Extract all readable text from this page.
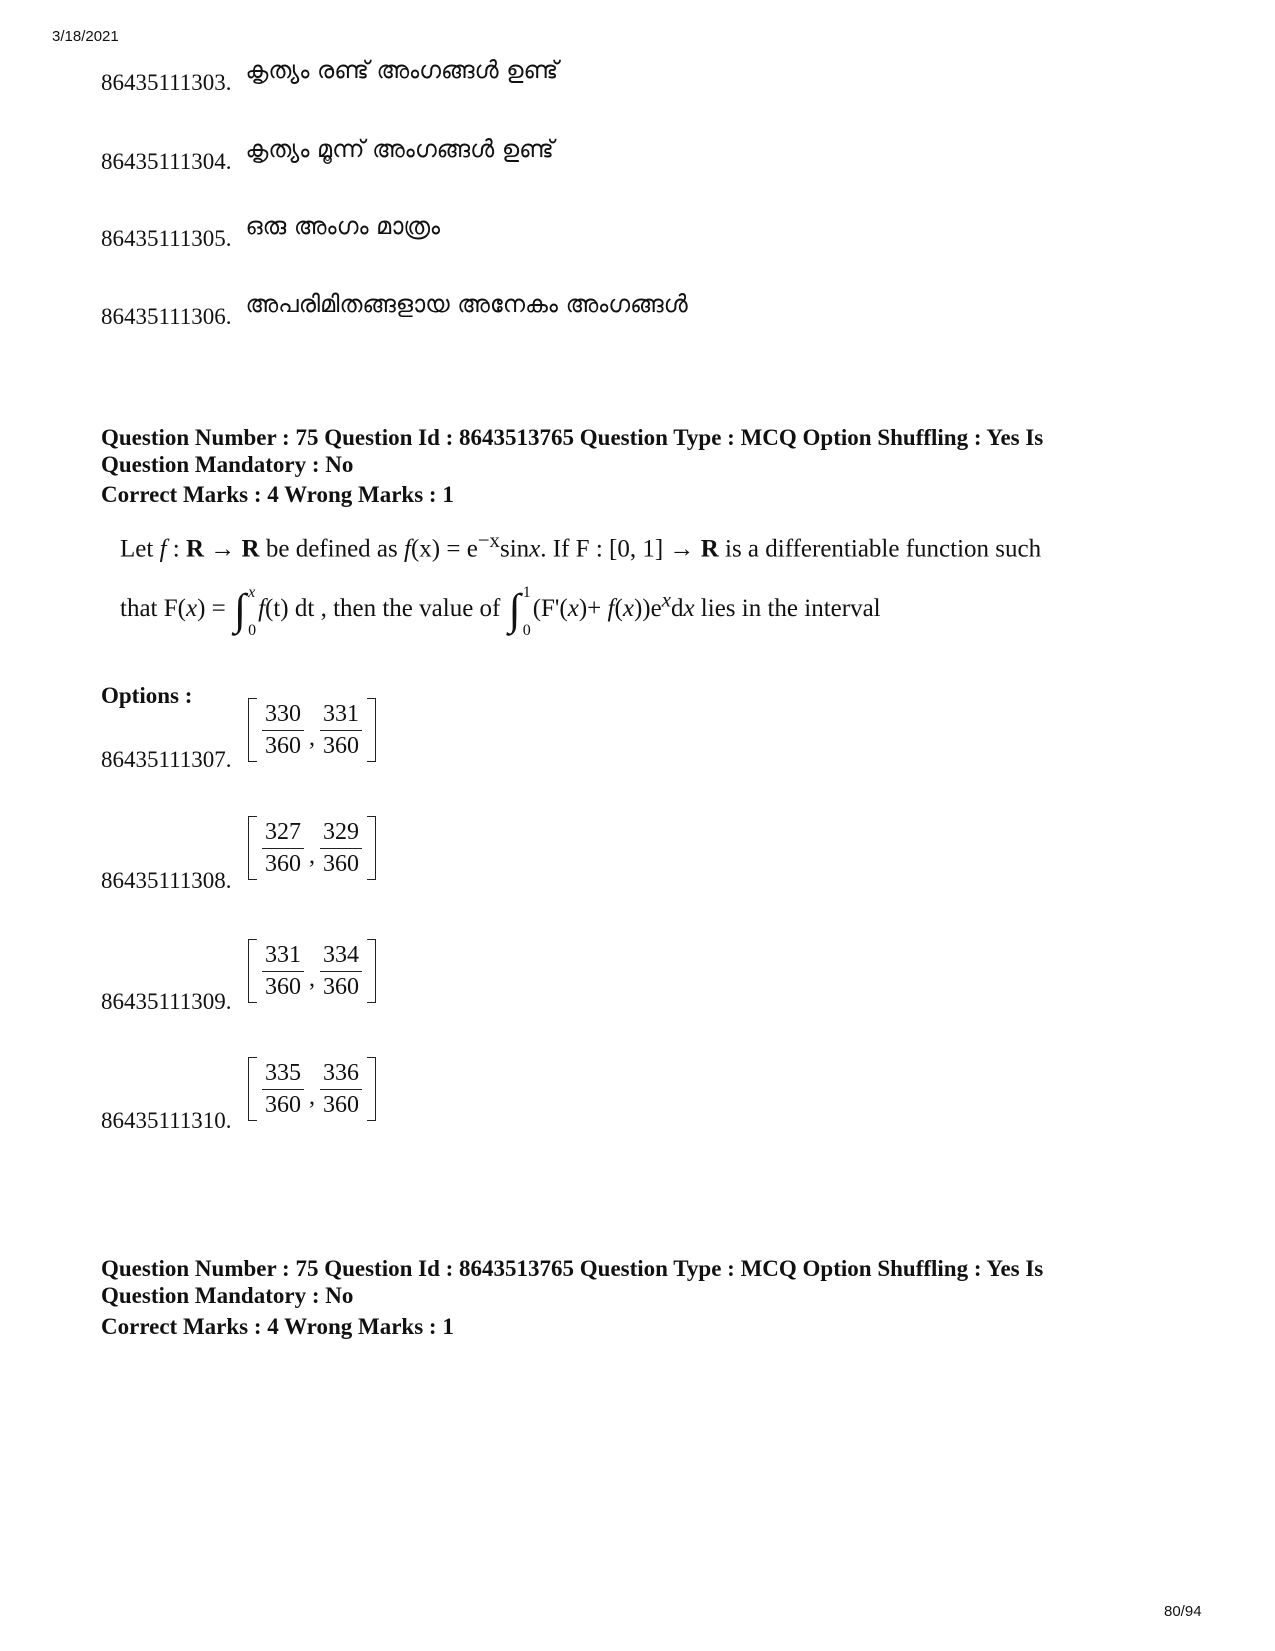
3/18/2021
86435111303. കൃത്യം രണ്ട് അംഗങ്ങൾ ഉണ്ട്
86435111304. കൃത്യം മൂന്ന് അംഗങ്ങൾ ഉണ്ട്
86435111305. ഒരു അംഗം മാത്രം
86435111306. അപരിമിതങ്ങളായ അനേകം അംഗങ്ങൾ
Question Number : 75 Question Id : 8643513765 Question Type : MCQ Option Shuffling : Yes Is
Question Mandatory : No
Correct Marks : 4 Wrong Marks : 1
Let f : R → R be defined as $f(x) = e^{-x}\sin x$. If F : [0, 1] → R is a differentiable function such
that F(x) = ∫ x
0
f(t) dt , then the value of ∫ 1
0
$(F'(x)+ f(x))e^xdx$ lies in the interval
Options :
86435111307. $\frac{330}{360}$ , $\frac{331}{360}$
86435111308.
$\frac{327}{360}$ , $\frac{329}{360}$
86435111309.
$\frac{331}{360}$ , $\frac{334}{360}$
86435111310.
$\frac{335}{360}$ , $\frac{336}{360}$
Question Number : 75 Question Id : 8643513765 Question Type : MCQ Option Shuffling : Yes Is
Question Mandatory : No
Correct Marks : 4 Wrong Marks : 1
80/94
